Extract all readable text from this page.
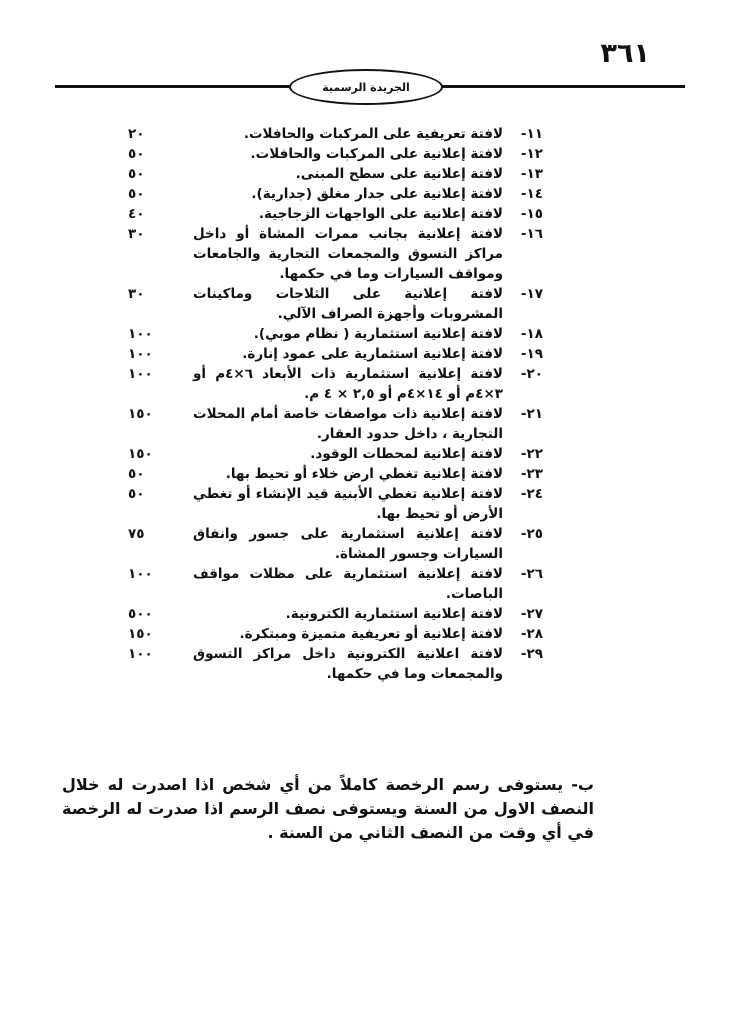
٣٦١
الجريدة الرسمية
١١-
لافتة تعريفية على المركبات والحافلات.
٢٠
١٢-
لافتة إعلانية على المركبات والحافلات.
٥٠
١٣-
لافتة إعلانية على سطح المبنى.
٥٠
١٤-
لافتة إعلانية على جدار مغلق (جدارية).
٥٠
١٥-
لافتة إعلانية على الواجهات الزجاجية.
٤٠
١٦-
لافتة إعلانية بجانب ممرات المشاة أو داخل مراكز التسوق والمجمعات التجارية والجامعات ومواقف السيارات وما في حكمها.
٣٠
١٧-
لافتة إعلانية على الثلاجات وماكينات المشروبات وأجهزة الصراف الآلي.
٣٠
١٨-
لافتة إعلانية استثمارية ( نظام موبي).
١٠٠
١٩-
لافتة إعلانية استثمارية على عمود إنارة.
١٠٠
٢٠-
لافتة إعلانية استثمارية ذات الأبعاد ٦×٤م أو ٣×٤م أو ١٤×٤م أو ٢,٥ × ٤ م.
١٠٠
٢١-
لافتة إعلانية ذات مواصفات خاصة أمام المحلات التجارية ، داخل حدود العقار.
١٥٠
٢٢-
لافتة إعلانية لمحطات الوقود.
١٥٠
٢٣-
لافتة إعلانية تغطي ارض خلاء أو تحيط بها.
٥٠
٢٤-
لافتة إعلانية تغطي الأبنية قيد الإنشاء أو تغطي الأرض أو تحيط بها.
٥٠
٢٥-
لافتة إعلانية استثمارية على جسور وانفاق السيارات وجسور المشاة.
٧٥
٢٦-
لافتة إعلانية استثمارية على مظلات مواقف الباصات.
١٠٠
٢٧-
لافتة إعلانية استثمارية الكترونية.
٥٠٠
٢٨-
لافتة إعلانية أو تعريفية متميزة ومبتكرة.
١٥٠
٢٩-
لافتة اعلانية الكترونية داخل مراكز التسوق والمجمعات وما في حكمها.
١٠٠
ب- يستوفى رسم الرخصة كاملاً من أي شخص اذا اصدرت له خلال النصف الاول من السنة ويستوفى نصف الرسم اذا صدرت له الرخصة في أي وقت من النصف الثاني من السنة .
